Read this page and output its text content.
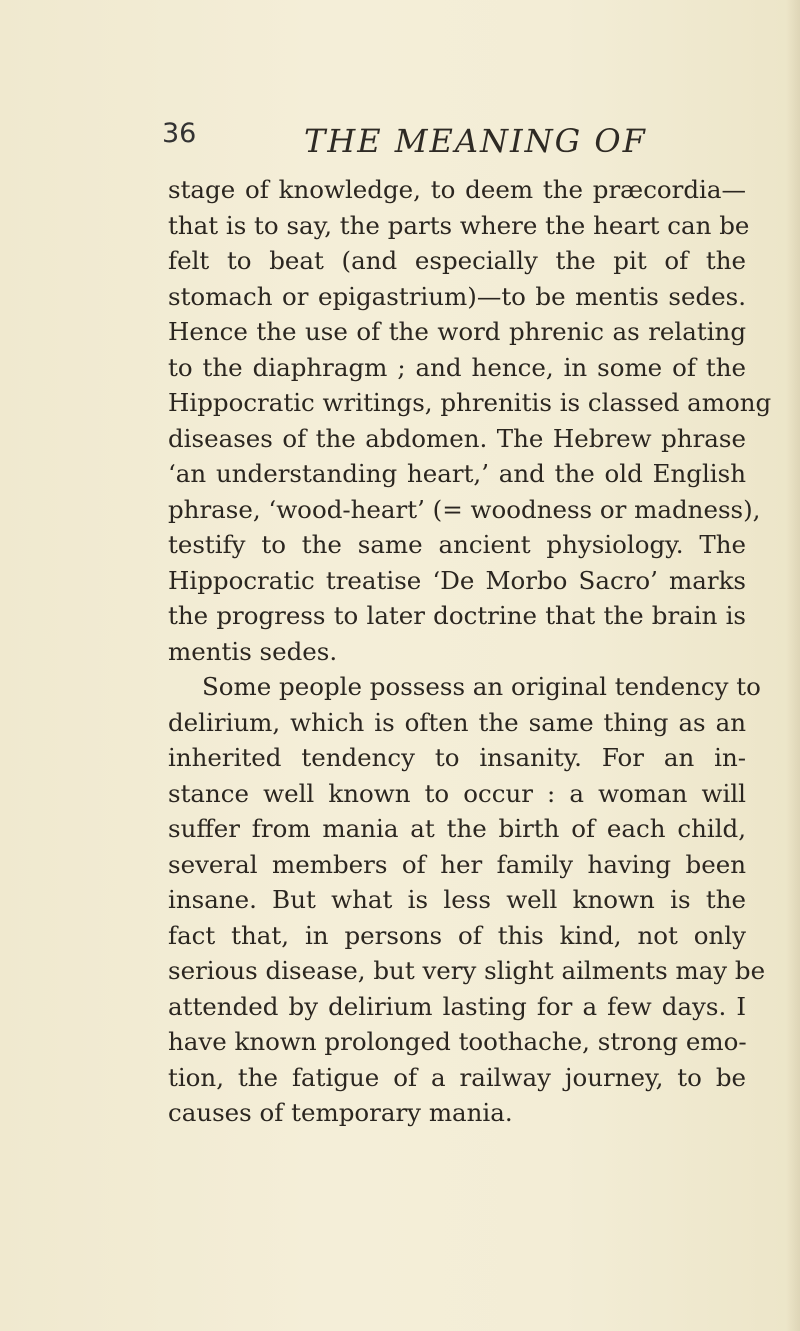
36	THE MEANING OF
stage of knowledge, to deem the præcordia—
that is to say, the parts where the heart can be
felt to beat (and especially the pit of the
stomach or epigastrium)—to be mentis sedes.
Hence the use of the word phrenic as relating
to the diaphragm ; and hence, in some of the
Hippocratic writings, phrenitis is classed among
diseases of the abdomen. The Hebrew phrase
‘an understanding heart,’ and the old English
phrase, ‘wood-heart’ (= woodness or madness),
testify to the same ancient physiology. The
Hippocratic treatise ‘De Morbo Sacro’ marks
the progress to later doctrine that the brain is
mentis sedes.
Some people possess an original tendency to
delirium, which is often the same thing as an
inherited tendency to insanity. For an in-
stance well known to occur : a woman will
suffer from mania at the birth of each child,
several members of her family having been
insane. But what is less well known is the
fact that, in persons of this kind, not only
serious disease, but very slight ailments may be
attended by delirium lasting for a few days. I
have known prolonged toothache, strong emo-
tion, the fatigue of a railway journey, to be
causes of temporary mania.
